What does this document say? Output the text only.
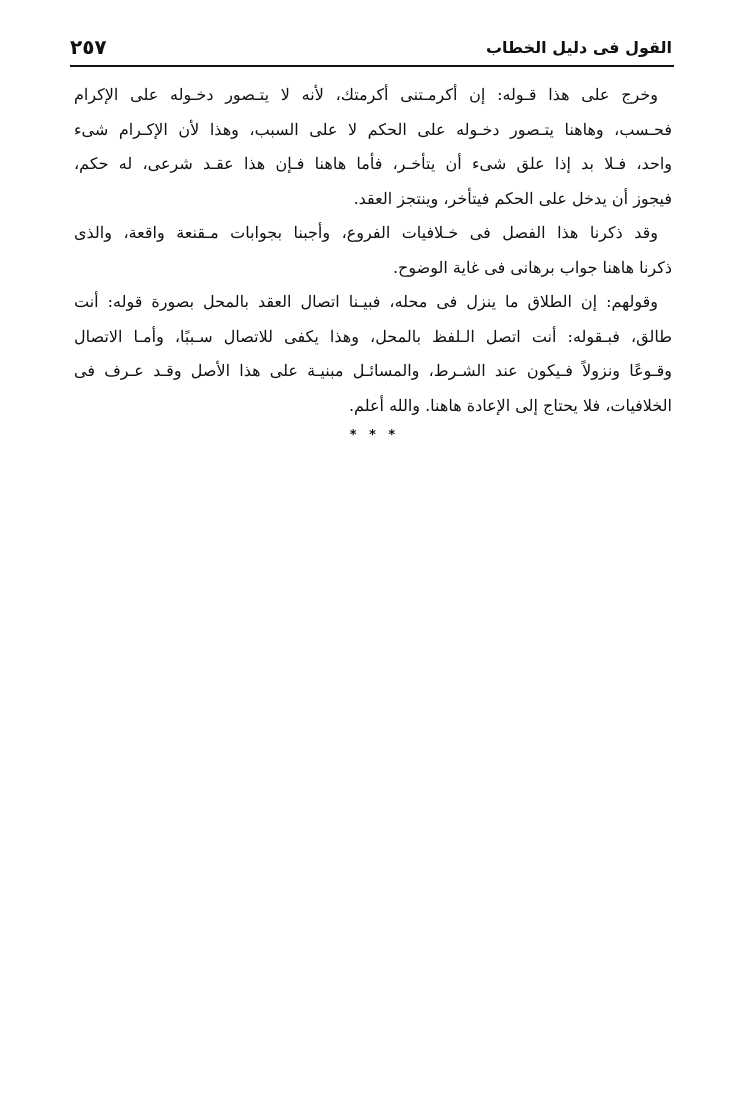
القول فى دليل الخطاب
٢٥٧
وخرج على هذا قـوله: إن أكرمـتنى أكرمتك، لأنه لا يتـصور دخـوله على الإكرام
فحـسب، وهاهنا يتـصور دخـوله على الحكم لا على السبب، وهذا لأن الإكـرام شىء
واحد، فـلا بد إذا علق شىء أن يتأخـر، فأما هاهنا فـإن هذا عقـد شرعى، له حكم،
فيجوز أن يدخل على الحكم فيتأخر، وينتجز العقد.
وقد ذكرنا هذا الفصل فى خـلافيات الفروع، وأجبنا بجوابات مـقنعة واقعة، والذى
ذكرنا هاهنا جواب برهانى فى غاية الوضوح.
وقولهم: إن الطلاق ما ينزل فى محله، فبيـنا اتصال العقد بالمحل بصورة قوله: أنت
طالق، فبـقوله: أنت اتصل الـلفظ بالمحل، وهذا يكفى للاتصال سـببًا، وأمـا الاتصال
وقـوعًا ونزولاً فـيكون عند الشـرط، والمسائـل مبنيـة على هذا الأصل وقـد عـرف فى
الخلافيات، فلا يحتاج إلى الإعادة هاهنا. والله أعلم.
* * *
